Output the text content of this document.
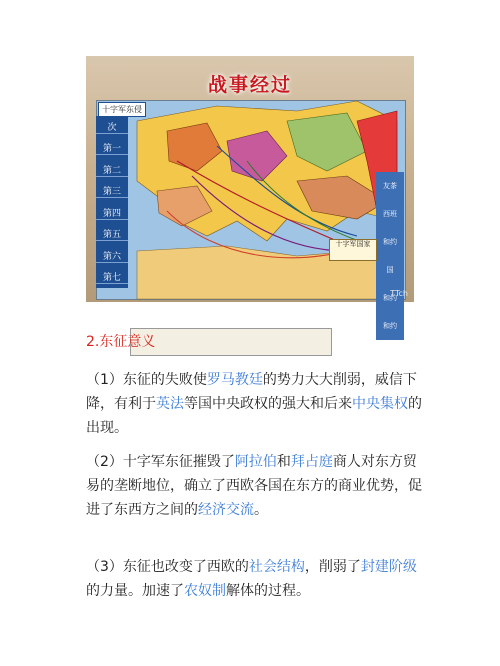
战事经过
十字军东侵
次
第一
第二
第三
第四
第五
第六
第七
友茶
西班
和约
国
和约
和约
十字军国家
TTch
2.东征意义

（1）东征的失败使罗马教廷的势力大大削弱，威信下降，有利于英法等国中央政权的强大和后来中央集权的出现。

（2）十字军东征摧毁了阿拉伯和拜占庭商人对东方贸易的垄断地位，确立了西欧各国在东方的商业优势，促进了东西方之间的经济交流。

（3）东征也改变了西欧的社会结构，削弱了封建阶级的力量。加速了农奴制解体的过程。
